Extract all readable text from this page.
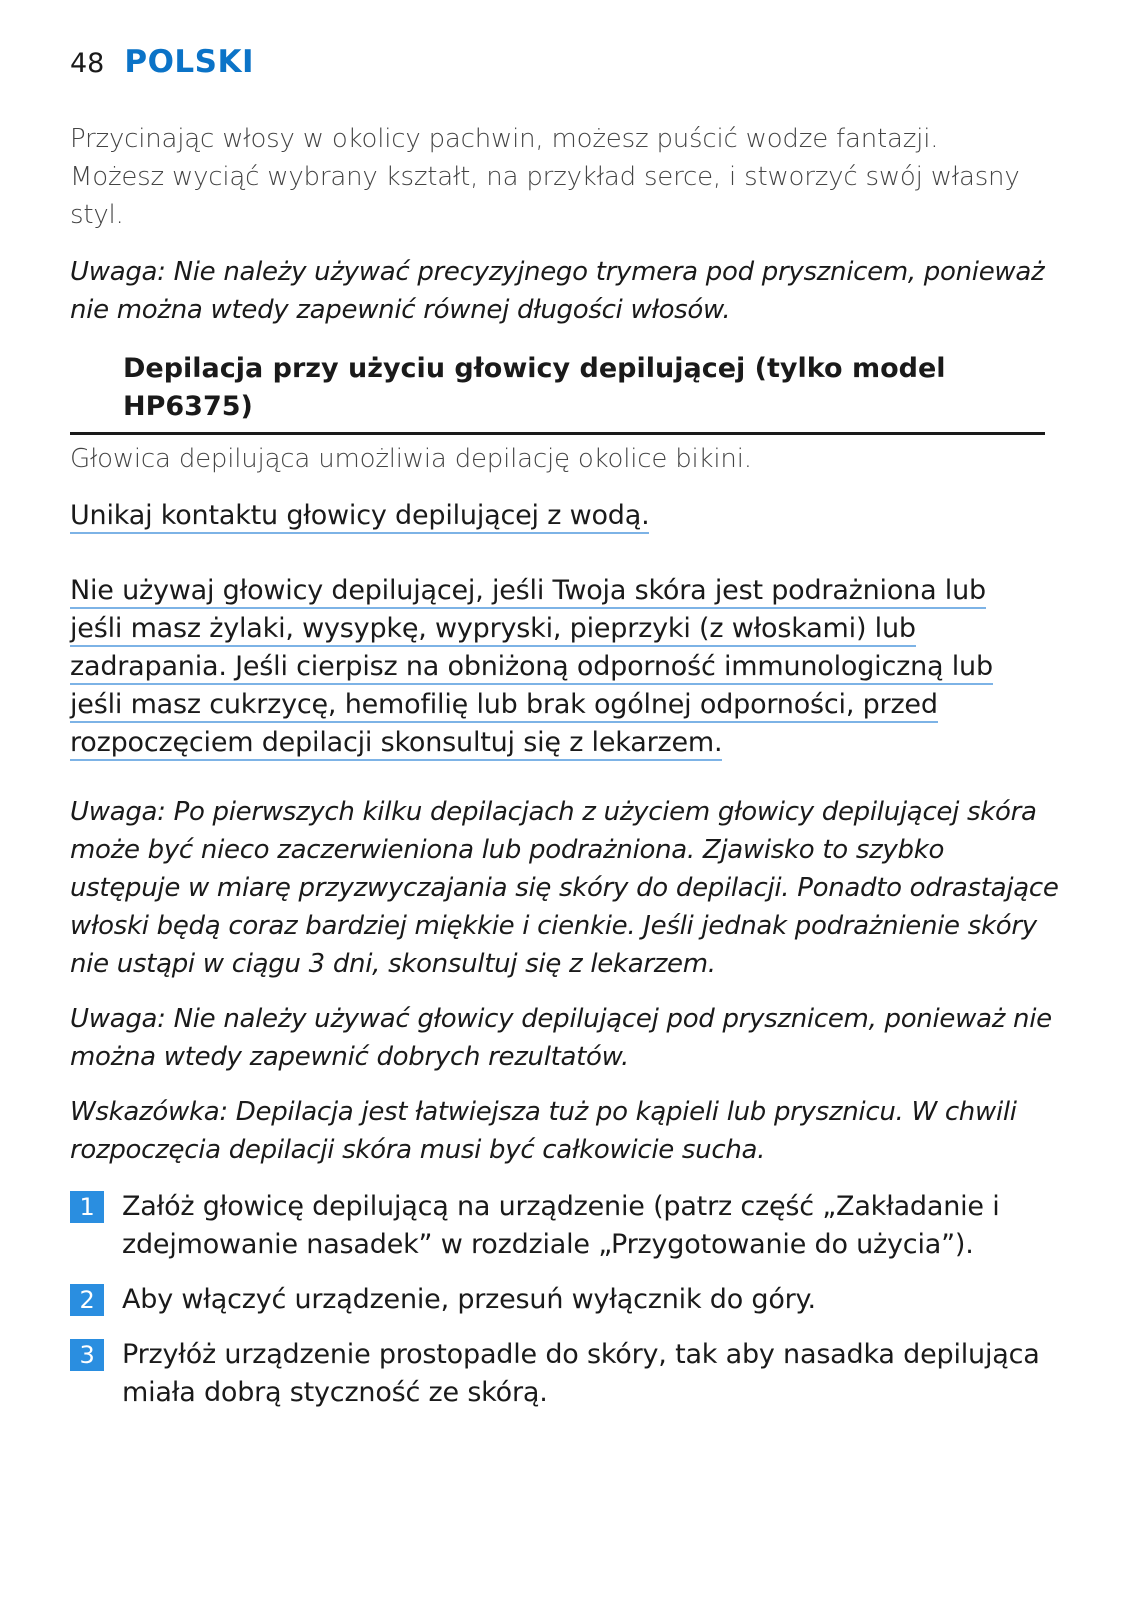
48 POLSKI
Przycinając włosy w okolicy pachwin, możesz puścić wodze fantazji.
Możesz wyciąć wybrany kształt, na przykład serce, i stworzyć swój własny
styl.
Uwaga: Nie należy używać precyzyjnego trymera pod prysznicem, ponieważ
nie można wtedy zapewnić równej długości włosów.
Depilacja przy użyciu głowicy depilującej (tylko model
HP6375)
Głowica depilująca umożliwia depilację okolice bikini.
Unikaj kontaktu głowicy depilującej z wodą.
Nie używaj głowicy depilującej, jeśli Twoja skóra jest podrażniona lub
jeśli masz żylaki, wysypkę, wypryski, pieprzyki (z włoskami) lub
zadrapania. Jeśli cierpisz na obniżoną odporność immunologiczną lub
jeśli masz cukrzycę, hemofilię lub brak ogólnej odporności, przed
rozpoczęciem depilacji skonsultuj się z lekarzem.
Uwaga: Po pierwszych kilku depilacjach z użyciem głowicy depilującej skóra
może być nieco zaczerwieniona lub podrażniona. Zjawisko to szybko
ustępuje w miarę przyzwyczajania się skóry do depilacji. Ponadto odrastające
włoski będą coraz bardziej miękkie i cienkie. Jeśli jednak podrażnienie skóry
nie ustąpi w ciągu 3 dni, skonsultuj się z lekarzem.
Uwaga: Nie należy używać głowicy depilującej pod prysznicem, ponieważ nie
można wtedy zapewnić dobrych rezultatów.
Wskazówka: Depilacja jest łatwiejsza tuż po kąpieli lub prysznicu. W chwili
rozpoczęcia depilacji skóra musi być całkowicie sucha.
1	Załóż głowicę depilującą na urządzenie (patrz część „Zakładanie i
zdejmowanie nasadek” w rozdziale „Przygotowanie do użycia”).
2	Aby włączyć urządzenie, przesuń wyłącznik do góry.
3	Przyłóż urządzenie prostopadle do skóry, tak aby nasadka depilująca
miała dobrą styczność ze skórą.
